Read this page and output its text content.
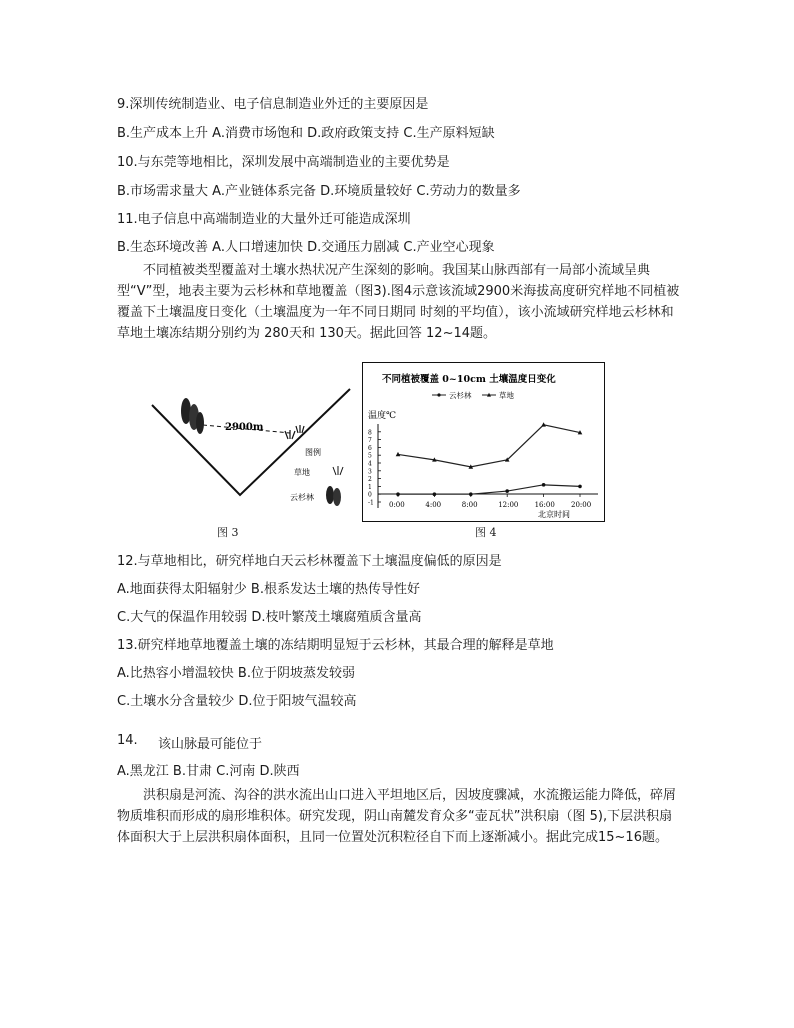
9.深圳传统制造业、电子信息制造业外迁的主要原因是
B.生产成本上升 A.消费市场饱和 D.政府政策支持 C.生产原料短缺
10.与东莞等地相比，深圳发展中高端制造业的主要优势是
B.市场需求量大 A.产业链体系完备 D.环境质量较好 C.劳动力的数量多
11.电子信息中高端制造业的大量外迁可能造成深圳
B.生态环境改善 A.人口增速加快 D.交通压力剧减 C.产业空心现象
不同植被类型覆盖对土壤水热状况产生深刻的影响。我国某山脉西部有一局部小流域呈典型“V”型，地表主要为云杉林和草地覆盖（图3).图4示意该流域2900米海拔高度研究样地不同植被覆盖下土壤温度日变化（土壤温度为一年不同日期同 时刻的平均值），该小流域研究样地云杉林和草地土壤冻结期分别约为 280天和 130天。据此回答 12~14题。
2900m
图例
草地
云杉林
图 3
不同植被覆盖 0~10cm 土壤温度日变化
云杉林	草地
温度℃
8
7
6
5
4
3
2
1
0
-1 0:00	4:00	8:00	12:00 16:00 20:00
北京时间
图 4
12.与草地相比，研究样地白天云杉林覆盖下土壤温度偏低的原因是
A.地面获得太阳辐射少 B.根系发达土壤的热传导性好
C.大气的保温作用较弱 D.枝叶繁茂土壤腐殖质含量高
13.研究样地草地覆盖土壤的冻结期明显短于云杉林，其最合理的解释是草地
A.比热容小增温较快 B.位于阴坡蒸发较弱
C.土壤水分含量较少 D.位于阳坡气温较高
14. 该山脉最可能位于
A.黑龙江 B.甘肃 C.河南 D.陕西
洪积扇是河流、沟谷的洪水流出山口进入平坦地区后，因坡度骤减，水流搬运能力降低，碎屑物质堆积而形成的扇形堆积体。研究发现，阴山南麓发育众多“壶瓦状”洪积扇（图 5),下层洪积扇体面积大于上层洪积扇体面积，且同一位置处沉积粒径自下而上逐渐减小。据此完成15~16题。
